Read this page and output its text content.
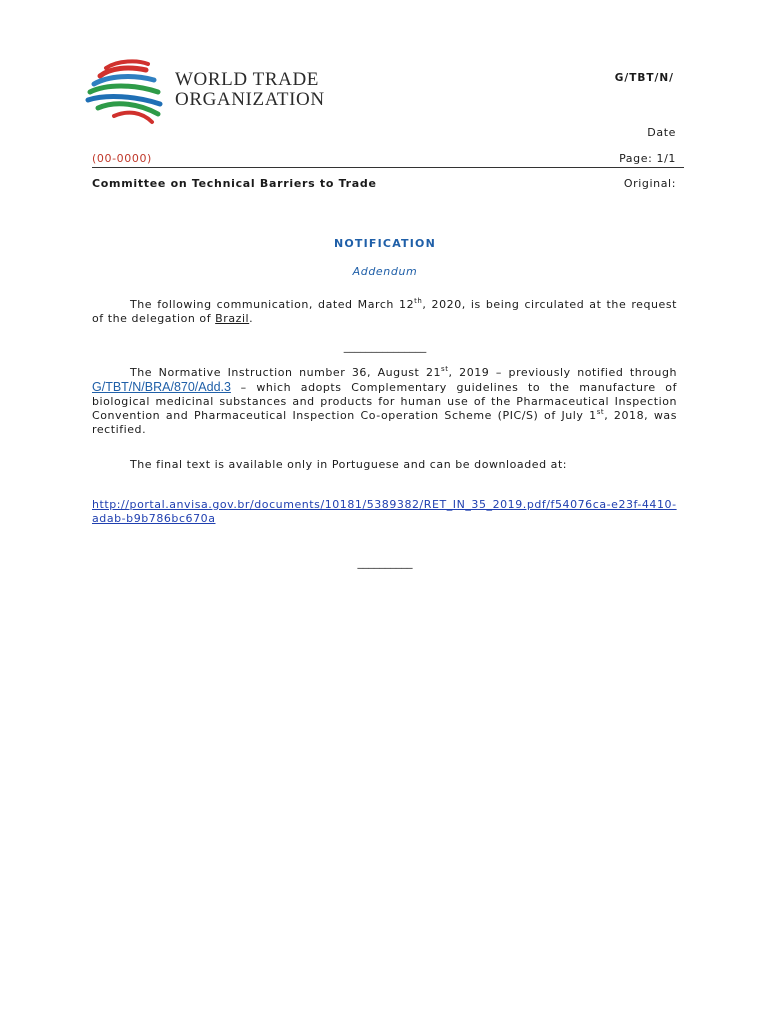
WORLD TRADE
ORGANIZATION
G/TBT/N/
Date
(00-0000)	Page: 1/1
Committee on Technical Barriers to Trade	Original:
NOTIFICATION
Addendum
The following communication, dated March 12th, 2020, is being circulated at the request of the delegation of Brazil.
_______________
The Normative Instruction number 36, August 21st, 2019 – previously notified through G/TBT/N/BRA/870/Add.3 – which adopts Complementary guidelines to the manufacture of biological medicinal substances and products for human use of the Pharmaceutical Inspection Convention and Pharmaceutical Inspection Co-operation Scheme (PIC/S) of July 1st, 2018, was rectified.
The final text is available only in Portuguese and can be downloaded at:
http://portal.anvisa.gov.br/documents/10181/5389382/RET_IN_35_2019.pdf/f54076ca-e23f-4410-adab-b9b786bc670a
__________
